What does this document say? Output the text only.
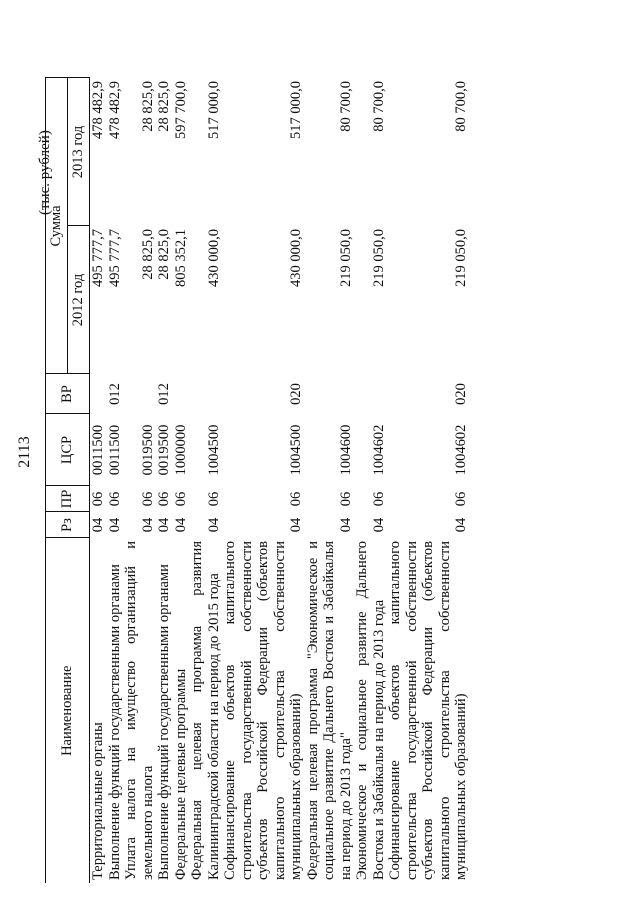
2113
(тыс. рублей)
Наименование	Рз	ПР	ЦСР	ВР	Сумма	
					2012 год	2013 год
Территориальные органы	04	06	0011500		495 777,7	478 482,9
Выполнение функций государственными органами	04	06	0011500	012	495 777,7	478 482,9
Уплата налога на имущество организаций и земельного налога	04	06	0019500		28 825,0	28 825,0
Выполнение функций государственными органами	04	06	0019500	012	28 825,0	28 825,0
Федеральные целевые программы	04	06	1000000		805 352,1	597 700,0
Федеральная целевая программа развития Калининградской области на период до 2015 года	04	06	1004500		430 000,0	517 000,0
Софинансирование объектов капитального строительства государственной собственности субъектов Российской Федерации (объектов капитального строительства собственности муниципальных образований)	04	06	1004500	020	430 000,0	517 000,0
Федеральная целевая программа "Экономическое и социальное развитие Дальнего Востока и Забайкалья на период до 2013 года"	04	06	1004600		219 050,0	80 700,0
Экономическое и социальное развитие Дальнего Востока и Забайкалья на период до 2013 года	04	06	1004602		219 050,0	80 700,0
Софинансирование объектов капитального строительства государственной собственности субъектов Российской Федерации (объектов капитального строительства собственности муниципальных образований)	04	06	1004602	020	219 050,0	80 700,0
